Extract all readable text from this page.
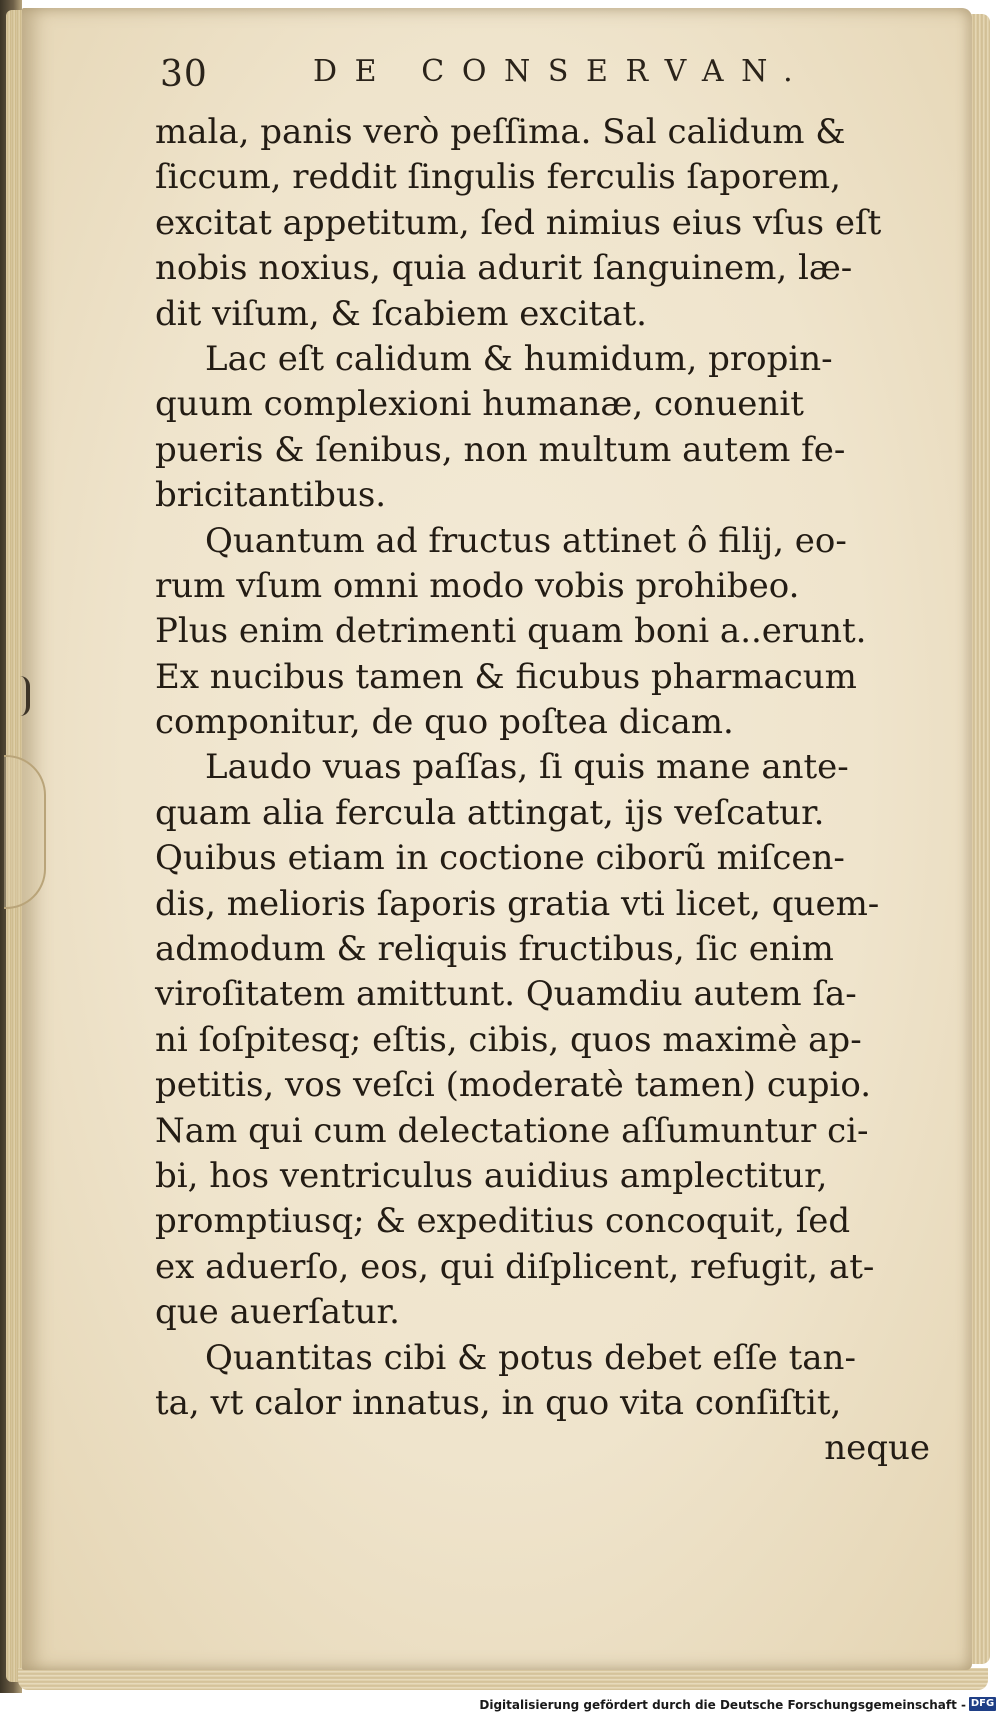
30	DE CONSERVAN.
mala, panis verò peſſima. Sal calidum &
ſiccum, reddit ſingulis ferculis ſaporem,
excitat appetitum, ſed nimius eius vſus eſt
nobis noxius, quia adurit ſanguinem, læ-
dit viſum, & ſcabiem excitat.
Lac eſt calidum & humidum, propin-
quum complexioni humanæ, conuenit
pueris & ſenibus, non multum autem fe-
bricitantibus.
Quantum ad fructus attinet ô filij, eo-
rum vſum omni modo vobis prohibeo.
Plus enim detrimenti quam boni a..erunt.
Ex nucibus tamen & ficubus pharmacum
componitur, de quo poſtea dicam.
Laudo vuas paſſas, ſi quis mane ante-
quam alia fercula attingat, ijs veſcatur.
Quibus etiam in coctione ciborũ miſcen-
dis, melioris ſaporis gratia vti licet, quem-
admodum & reliquis fructibus, ſic enim
viroſitatem amittunt. Quamdiu autem ſa-
ni ſoſpitesq; eſtis, cibis, quos maximè ap-
petitis, vos veſci (moderatè tamen) cupio.
Nam qui cum delectatione aſſumuntur ci-
bi, hos ventriculus auidius amplectitur,
promptiusq; & expeditius concoquit, ſed
ex aduerſo, eos, qui diſplicent, refugit, at-
que auerſatur.
Quantitas cibi & potus debet eſſe tan-
ta, vt calor innatus, in quo vita conſiſtit,
neque
Digitalisierung gefördert durch die Deutsche Forschungsgemeinschaft - DFG
